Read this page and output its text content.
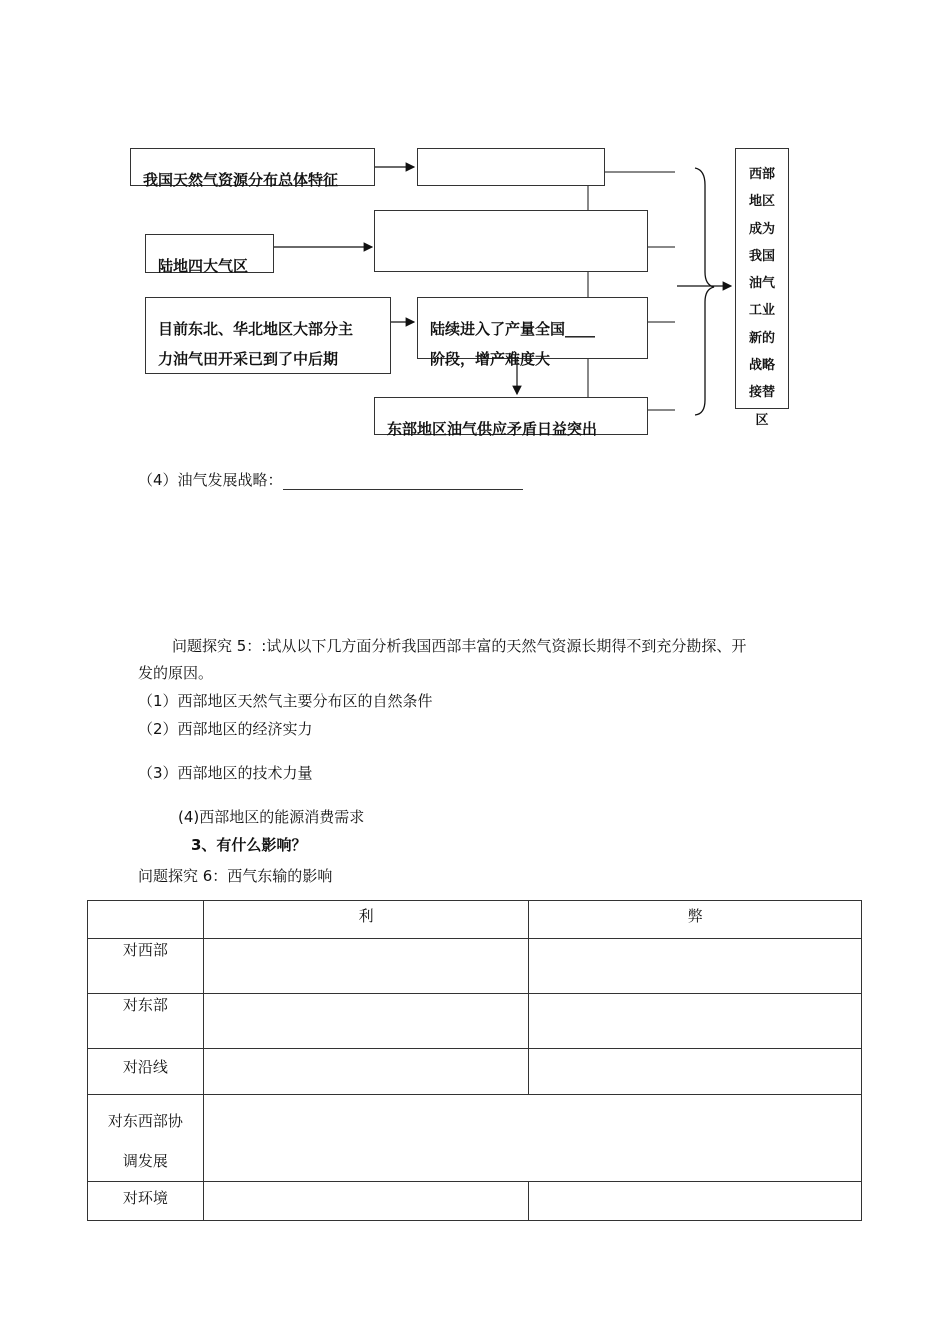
我国天然气资源分布总体特征
陆地四大气区
目前东北、华北地区大部分主
力油气田开采已到了中后期
陆续进入了产量全国____
阶段，增产难度大
东部地区油气供应矛盾日益突出
西部
地区
成为
我国
油气
工业
新的
战略
接替
区
（4）油气发展战略：
问题探究 5：:试从以下几方面分析我国西部丰富的天然气资源长期得不到充分勘探、开
发的原因。
（1）西部地区天然气主要分布区的自然条件
（2）西部地区的经济实力
（3）西部地区的技术力量
(4)西部地区的能源消费需求
3、有什么影响？
问题探究 6：西气东输的影响
	利	弊
对西部		
对东部		
对沿线		

对东西部协
调发展		

对环境		
